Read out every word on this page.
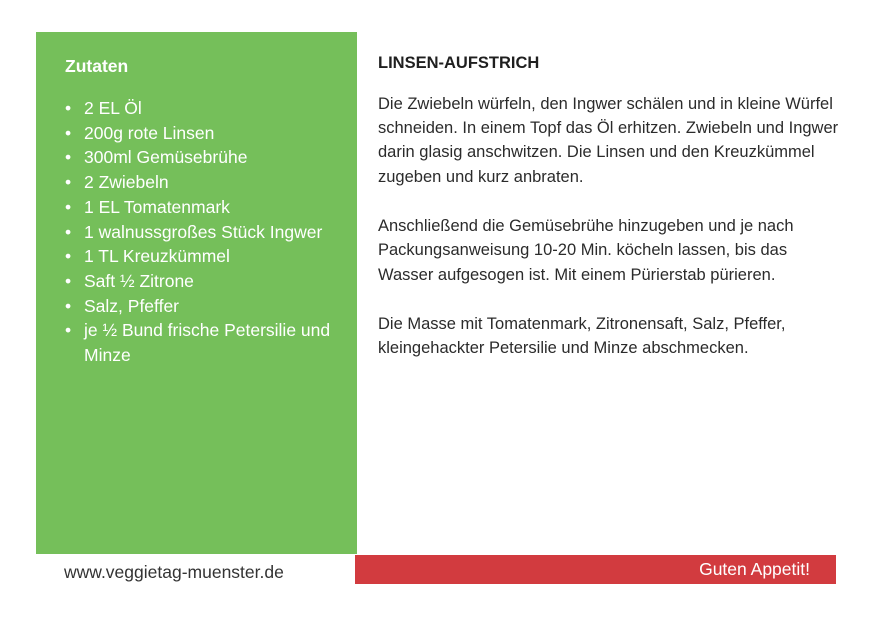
Zutaten
• 2 EL Öl
• 200g rote Linsen
• 300ml Gemüsebrühe
• 2 Zwiebeln
• 1 EL Tomatenmark
• 1 walnussgroßes Stück Ingwer
• 1 TL Kreuzkümmel
• Saft ½ Zitrone
• Salz, Pfeffer
• je ½ Bund frische Petersilie und Minze
LINSEN-AUFSTRICH

Die Zwiebeln würfeln, den Ingwer schälen und in kleine Würfel schneiden. In einem Topf das Öl erhitzen. Zwiebeln und Ingwer darin glasig anschwitzen. Die Linsen und den Kreuzkümmel zugeben und kurz anbraten.

Anschließend die Gemüsebrühe hinzugeben und je nach Packungsanweisung 10-20 Min. köcheln lassen, bis das Wasser aufgesogen ist. Mit einem Pürierstab pürieren.

Die Masse mit Tomatenmark, Zitronensaft, Salz, Pfeffer, kleingehackter Petersilie und Minze abschmecken.

www.veggietag-muenster.de	Guten Appetit!
